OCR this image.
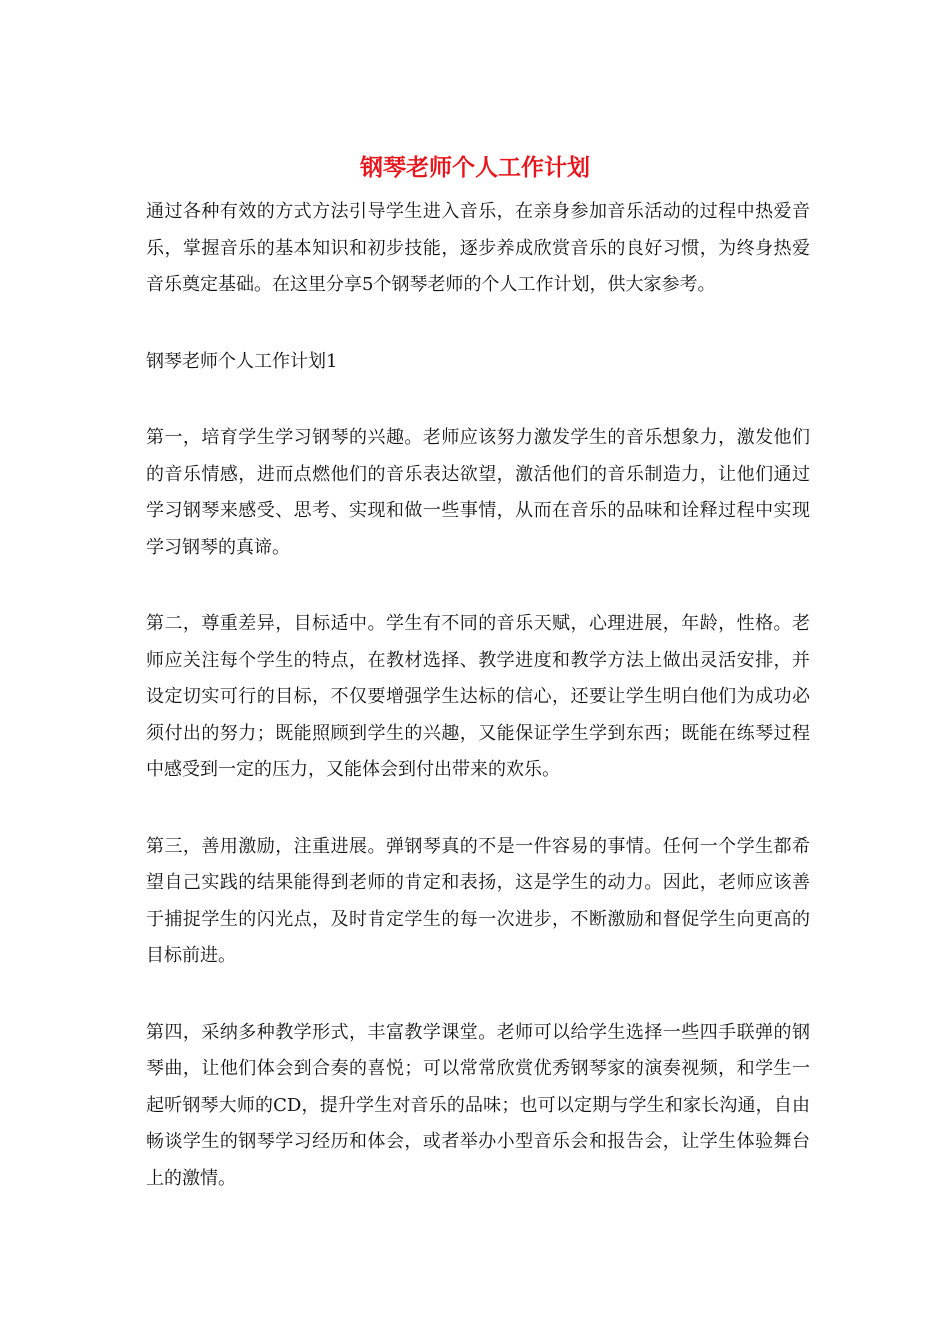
钢琴老师个人工作计划

通过各种有效的方式方法引导学生进入音乐，在亲身参加音乐活动的过程中热爱音乐，掌握音乐的基本知识和初步技能，逐步养成欣赏音乐的良好习惯，为终身热爱音乐奠定基础。在这里分享5个钢琴老师的个人工作计划，供大家参考。

钢琴老师个人工作计划1

第一，培育学生学习钢琴的兴趣。老师应该努力激发学生的音乐想象力，激发他们的音乐情感，进而点燃他们的音乐表达欲望，激活他们的音乐制造力，让他们通过学习钢琴来感受、思考、实现和做一些事情，从而在音乐的品味和诠释过程中实现学习钢琴的真谛。

第二，尊重差异，目标适中。学生有不同的音乐天赋，心理进展，年龄，性格。老师应关注每个学生的特点，在教材选择、教学进度和教学方法上做出灵活安排，并设定切实可行的目标，不仅要增强学生达标的信心，还要让学生明白他们为成功必须付出的努力；既能照顾到学生的兴趣，又能保证学生学到东西；既能在练琴过程中感受到一定的压力，又能体会到付出带来的欢乐。

第三，善用激励，注重进展。弹钢琴真的不是一件容易的事情。任何一个学生都希望自己实践的结果能得到老师的肯定和表扬，这是学生的动力。因此，老师应该善于捕捉学生的闪光点，及时肯定学生的每一次进步，不断激励和督促学生向更高的目标前进。

第四，采纳多种教学形式，丰富教学课堂。老师可以给学生选择一些四手联弹的钢琴曲，让他们体会到合奏的喜悦；可以常常欣赏优秀钢琴家的演奏视频，和学生一起听钢琴大师的CD，提升学生对音乐的品味；也可以定期与学生和家长沟通，自由畅谈学生的钢琴学习经历和体会，或者举办小型音乐会和报告会，让学生体验舞台上的激情。
